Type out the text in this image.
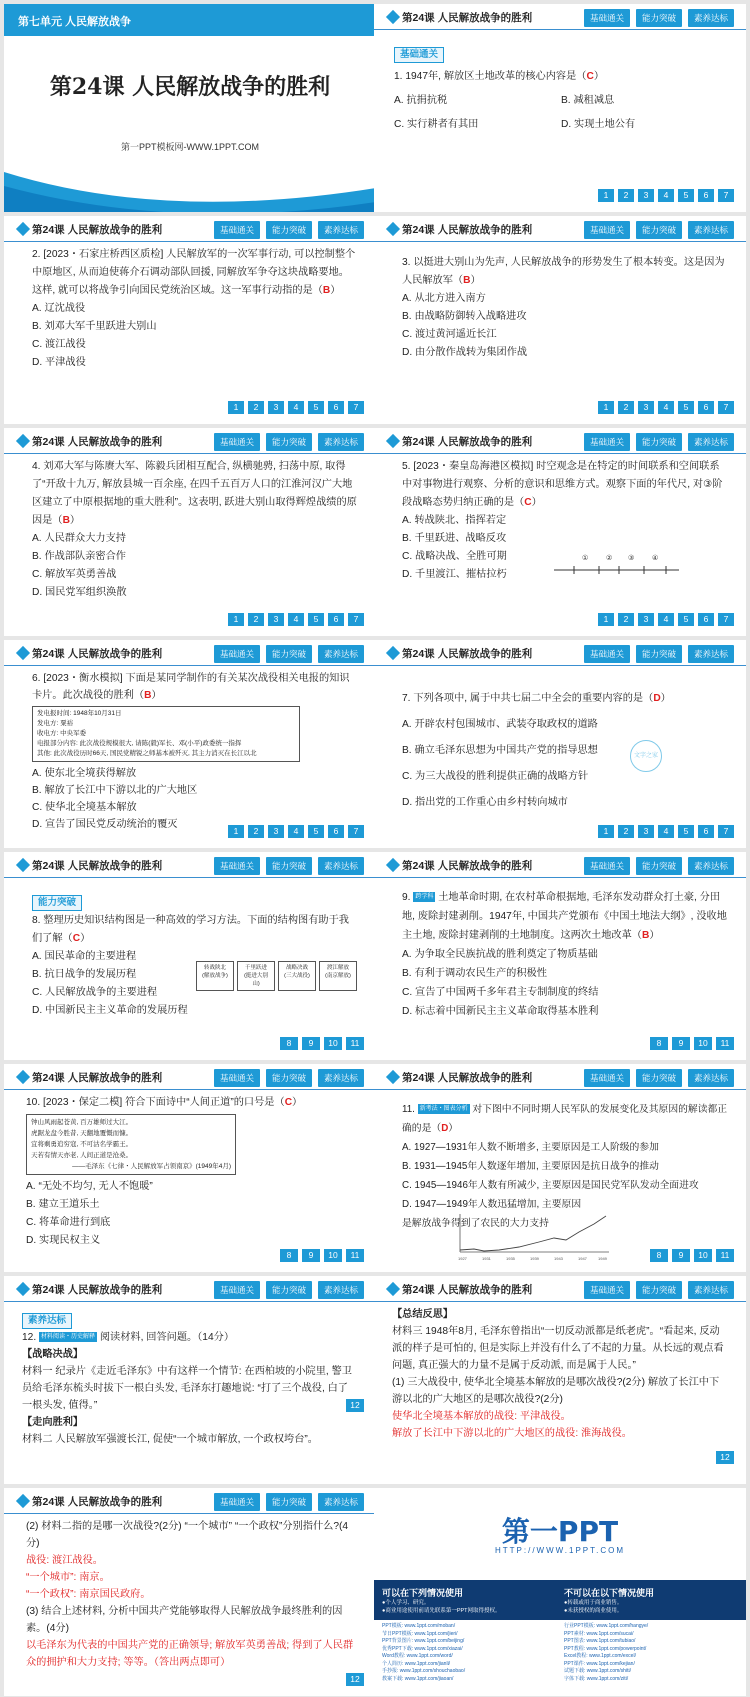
第七单元 人民解放战争
第24课 人民解放战争的胜利
第一PPT模板网-WWW.1PPT.COM
第24课 人民解放战争的胜利	基础通关	能力突破	素养达标
基础通关

1. 1947年, 解放区土地改革的核心内容是（C）

A. 抗捐抗税	B. 减租减息
C. 实行耕者有其田	D. 实现土地公有
1	2	3	4	5	6	7
第24课 人民解放战争的胜利	基础通关	能力突破	素养达标

2. [2023・石家庄桥西区质检] 人民解放军的一次军事行动, 可以控制整个中原地区, 从而迫使蒋介石调动部队回援, 同解放军争夺这块战略要地。这样, 就可以将战争引向国民党统治区域。这一军事行动指的是（B）

A. 辽沈战役

B. 刘邓大军千里跃进大别山

C. 渡江战役

D. 平津战役

1	2	3	4	5	6	7
第24课 人民解放战争的胜利	基础通关	能力突破	素养达标

3. 以挺进大别山为先声, 人民解放战争的形势发生了根本转变。这是因为人民解放军（B）

A. 从北方进入南方

B. 由战略防御转入战略进攻

C. 渡过黄河遥近长江

D. 由分散作战转为集团作战

1	2	3	4	5	6	7
第24课 人民解放战争的胜利	基础通关	能力突破	素养达标

4. 刘邓大军与陈赓大军、陈毅兵团相互配合, 纵横驰骋, 扫荡中原, 取得了“开敌十九万, 解放县城一百余座, 在四千五百万人口的江淮河汉广大地区建立了中原根据地的重大胜利”。这表明, 跃进大别山取得辉煌战绩的原因是（B）

A. 人民群众大力支持

B. 作战部队亲密合作

C. 解放军英勇善战

D. 国民党军组织涣散

1	2	3	4	5	6	7
第24课 人民解放战争的胜利	基础通关	能力突破	素养达标

5. [2023・秦皇岛海港区模拟] 时空观念是在特定的时间联系和空间联系中对事物进行观察、分析的意识和思维方式。观察下面的年代尺, 对③阶段战略态势归纳正确的是（C）

A. 转战陕北、指挥若定

B. 千里跃进、战略反攻

C. 战略决战、全胜可期

D. 千里渡江、摧枯拉朽

①	② ③	④
1	2	3	4	5	6	7
第24课 人民解放战争的胜利	基础通关	能力突破	素养达标

6. [2023・衡水模拟] 下面是某同学制作的有关某次战役相关电报的知识卡片。此次战役的胜利（B）

发电报时间: 1948年10月31日
发电方: 粟裕
收电方: 中央军委
电报部分内容: 此次战役规模很大, 请陈(毅)军长、邓(小平)政委统一指挥
其他: 此次战役历时66天, 国民党精锐之师基本被歼灭, 其主力消灭在长江以北

A. 使东北全境获得解放

B. 解放了长江中下游以北的广大地区

C. 使华北全境基本解放

D. 宣告了国民党反动统治的覆灭

1	2	3	4	5	6	7
第24课 人民解放战争的胜利	基础通关	能力突破	素养达标

7. 下列各项中, 属于中共七届二中全会的重要内容的是（D）

A. 开辟农村包围城市、武装夺取政权的道路

B. 确立毛泽东思想为中国共产党的指导思想

C. 为三大战役的胜利提供正确的战略方针

D. 指出党的工作重心由乡村转向城市

文字之家
1	2	3	4	5	6	7
第24课 人民解放战争的胜利	基础通关	能力突破	素养达标
能力突破

8. 整理历史知识结构图是一种高效的学习方法。下面的结构图有助于我们了解（C）

A. 国民革命的主要进程

B. 抗日战争的发展历程

C. 人民解放战争的主要进程

D. 中国新民主主义革命的发展历程

转战陕北 (解放战争)
千里跃进 (挺进大别山)
战略决战 (三大战役)
渡江解放 (南京解放)
8	9	10	11
第24课 人民解放战争的胜利	基础通关	能力突破	素养达标

9. 跨学科 土地革命时期, 在农村革命根据地, 毛泽东发动群众打土豪, 分田地, 废除封建剥削。1947年, 中国共产党颁布《中国土地法大纲》, 没收地主土地, 废除封建剥削的土地制度。这两次土地改革（B）

A. 为争取全民族抗战的胜利奠定了物质基础

B. 有利于调动农民生产的积极性

C. 宣告了中国两千多年君主专制制度的终结

D. 标志着中国新民主主义革命取得基本胜利

8	9	10	11
第24课 人民解放战争的胜利	基础通关	能力突破	素养达标

10. [2023・保定二模] 符合下面诗中“人间正道”的口号是（C）

钟山风雨起苍黄, 百万雄师过大江。
虎踞龙盘今胜昔, 天翻地覆慨而慷。
宜将剩勇追穷寇, 不可沽名学霸王。
天若有情天亦老, 人间正道是沧桑。
——毛泽东《七律・人民解放军占领南京》(1949年4月)

A. “无处不均匀, 无人不饱暖”

B. 建立王道乐土

C. 将革命进行到底

D. 实现民权主义

8	9	10	11
第24课 人民解放战争的胜利	基础通关	能力突破	素养达标

11. 新考法・图表分析 对下图中不同时期人民军队的发展变化及其原因的解读都正确的是（D）

A. 1927—1931年人数不断增多, 主要原因是工人阶级的参加

B. 1931—1945年人数逐年增加, 主要原因是抗日战争的推动

C. 1945—1946年人数有所减少, 主要原因是国民党军队发动全面进攻

D. 1947—1949年人数迅猛增加, 主要原因是解放战争得到了农民的大力支持

1927	1931	1935	1939	1943	1947	1949	8	9	10	11
第24课 人民解放战争的胜利	基础通关	能力突破	素养达标
素养达标

12. 材料阅读・历史解释 阅读材料, 回答问题。（14分）

【战略决战】

材料一 纪录片《走近毛泽东》中有这样一个情节: 在西柏坡的小院里, 警卫员给毛泽东梳头时拔下一根白头发, 毛泽东打趣地说: “打了三个战役, 白了一根头发, 值得。”

【走向胜利】

材料二 人民解放军强渡长江, 促使“一个城市解放, 一个政权垮台”。

12
第24课 人民解放战争的胜利	基础通关	能力突破	素养达标

【总结反思】

材料三 1948年8月, 毛泽东曾指出“一切反动派都是纸老虎”。“看起来, 反动派的样子是可怕的, 但是实际上并没有什么了不起的力量。从长远的观点看问题, 真正强大的力量不是属于反动派, 而是属于人民。”

(1) 三大战役中, 使华北全境基本解放的是哪次战役?(2分) 解放了长江中下游以北的广大地区的是哪次战役?(2分)

使华北全境基本解放的战役: 平津战役。

解放了长江中下游以北的广大地区的战役: 淮海战役。

12
第24课 人民解放战争的胜利	基础通关	能力突破	素养达标

(2) 材料二指的是哪一次战役?(2分) “一个城市” “一个政权”分别指什么?(4分)

战役: 渡江战役。

“一个城市”: 南京。

“一个政权”: 南京国民政府。

(3) 结合上述材料, 分析中国共产党能够取得人民解放战争最终胜利的因素。(4分)

以毛泽东为代表的中国共产党的正确领导; 解放军英勇善战; 得到了人民群众的拥护和大力支持; 等等。（答出两点即可）

12
第一PPT
HTTP://WWW.1PPT.COM
可以在下列情况使用
●个人学习、研究。
●商业用途使用前请先联系第一PPT网取得授权。
不可以在以下情况使用
●转载或用于商业销售。
●未获授权的商业使用。
PPT模板: www.1ppt.com/moban/
节日PPT模板: www.1ppt.com/jieri/
PPT背景图片: www.1ppt.com/beijing/
优秀PPT下载: www.1ppt.com/xiazai/
Word教程: www.1ppt.com/word/
个人简历: www.1ppt.com/jianli/
手抄报: www.1ppt.com/shouchaobao/
教案下载: www.1ppt.com/jiaoan/
行业PPT模板: www.1ppt.com/hangye/
PPT素材: www.1ppt.com/sucai/
PPT图表: www.1ppt.com/tubiao/
PPT教程: www.1ppt.com/powerpoint/
Excel教程: www.1ppt.com/excel/
PPT课件: www.1ppt.com/kejian/
试题下载: www.1ppt.com/shiti/
字体下载: www.1ppt.com/ziti/
